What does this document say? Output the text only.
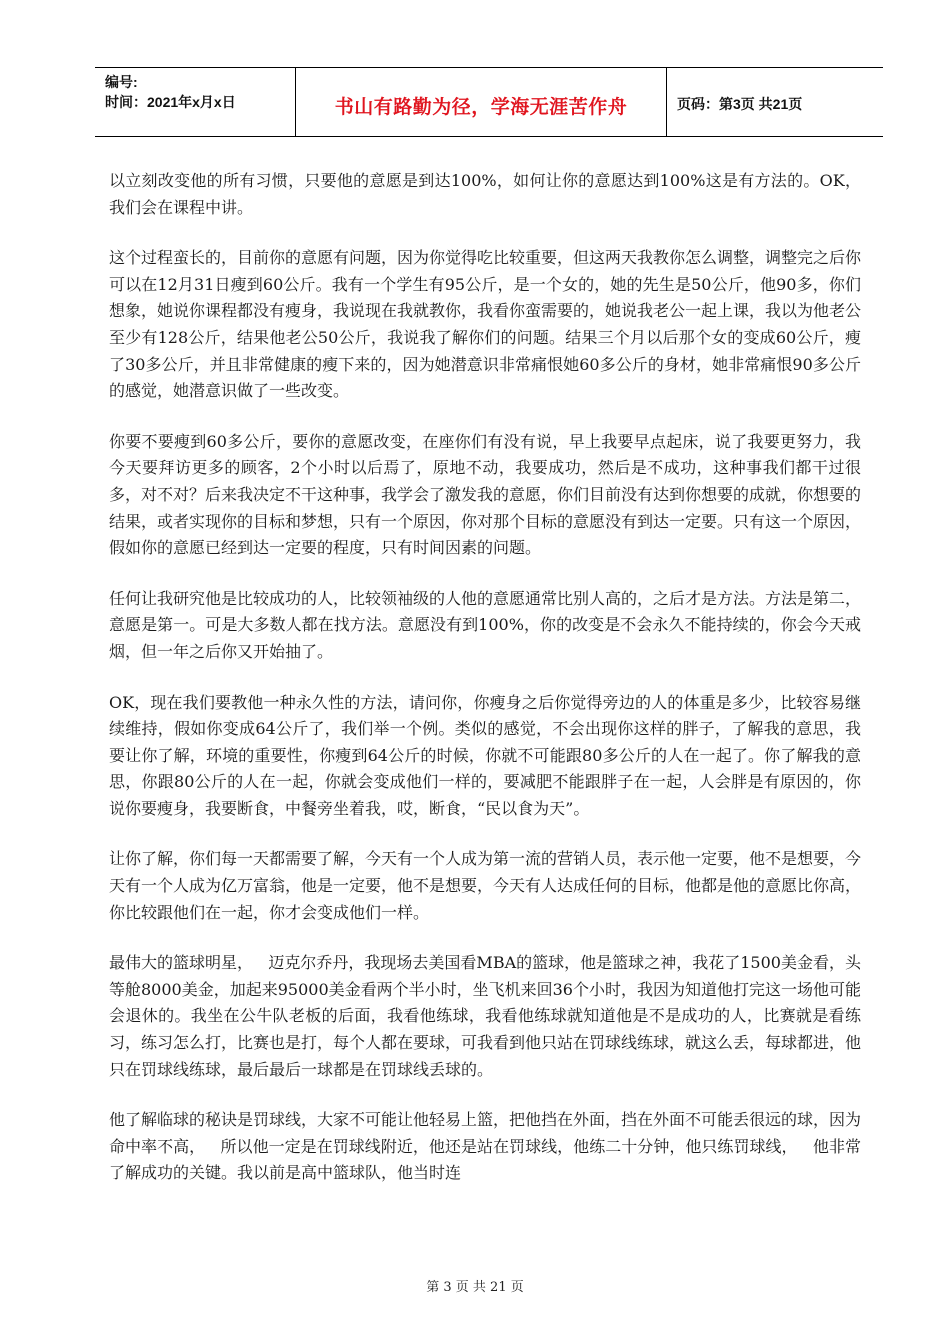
编号:
时间：2021年x月x日	书山有路勤为径，学海无涯苦作舟	页码：第3页 共21页

以立刻改变他的所有习惯，只要他的意愿是到达100%，如何让你的意愿达到100%这是有方法的。OK，我们会在课程中讲。

这个过程蛮长的，目前你的意愿有问题，因为你觉得吃比较重要，但这两天我教你怎么调整，调整完之后你可以在12月31日瘦到60公斤。我有一个学生有95公斤，是一个女的，她的先生是50公斤，他90多，你们想象，她说你课程都没有瘦身，我说现在我就教你，我看你蛮需要的，她说我老公一起上课，我以为他老公至少有128公斤，结果他老公50公斤，我说我了解你们的问题。结果三个月以后那个女的变成60公斤，瘦了30多公斤，并且非常健康的瘦下来的，因为她潜意识非常痛恨她60多公斤的身材，她非常痛恨90多公斤的感觉，她潜意识做了一些改变。

你要不要瘦到60多公斤，要你的意愿改变，在座你们有没有说，早上我要早点起床，说了我要更努力，我今天要拜访更多的顾客，2个小时以后焉了，原地不动，我要成功，然后是不成功，这种事我们都干过很多，对不对？后来我决定不干这种事，我学会了激发我的意愿，你们目前没有达到你想要的成就，你想要的结果，或者实现你的目标和梦想，只有一个原因，你对那个目标的意愿没有到达一定要。只有这一个原因，假如你的意愿已经到达一定要的程度，只有时间因素的问题。

任何让我研究他是比较成功的人，比较领袖级的人他的意愿通常比别人高的，之后才是方法。方法是第二，意愿是第一。可是大多数人都在找方法。意愿没有到100%，你的改变是不会永久不能持续的，你会今天戒烟，但一年之后你又开始抽了。

OK，现在我们要教他一种永久性的方法，请问你，你瘦身之后你觉得旁边的人的体重是多少，比较容易继续维持，假如你变成64公斤了，我们举一个例。类似的感觉，不会出现你这样的胖子，了解我的意思，我要让你了解，环境的重要性，你瘦到64公斤的时候，你就不可能跟80多公斤的人在一起了。你了解我的意思，你跟80公斤的人在一起，你就会变成他们一样的，要减肥不能跟胖子在一起，人会胖是有原因的，你说你要瘦身，我要断食，中餐旁坐着我，哎，断食，“民以食为天”。

让你了解，你们每一天都需要了解，今天有一个人成为第一流的营销人员，表示他一定要，他不是想要，今天有一个人成为亿万富翁，他是一定要，他不是想要，今天有人达成任何的目标，他都是他的意愿比你高，你比较跟他们在一起，你才会变成他们一样。

最伟大的篮球明星，   迈克尔乔丹，我现场去美国看MBA的篮球，他是篮球之神，我花了1500美金看，头等舱8000美金，加起来95000美金看两个半小时，坐飞机来回36个小时，我因为知道他打完这一场他可能会退休的。我坐在公牛队老板的后面，我看他练球，我看他练球就知道他是不是成功的人，比赛就是看练习，练习怎么打，比赛也是打，每个人都在要球，可我看到他只站在罚球线练球，就这么丢，每球都进，他只在罚球线练球，最后最后一球都是在罚球线丢球的。

他了解临球的秘诀是罚球线，大家不可能让他轻易上篮，把他挡在外面，挡在外面不可能丢很远的球，因为命中率不高，   所以他一定是在罚球线附近，他还是站在罚球线，他练二十分钟，他只练罚球线，   他非常了解成功的关键。我以前是高中篮球队，他当时连

第 3 页 共 21 页
